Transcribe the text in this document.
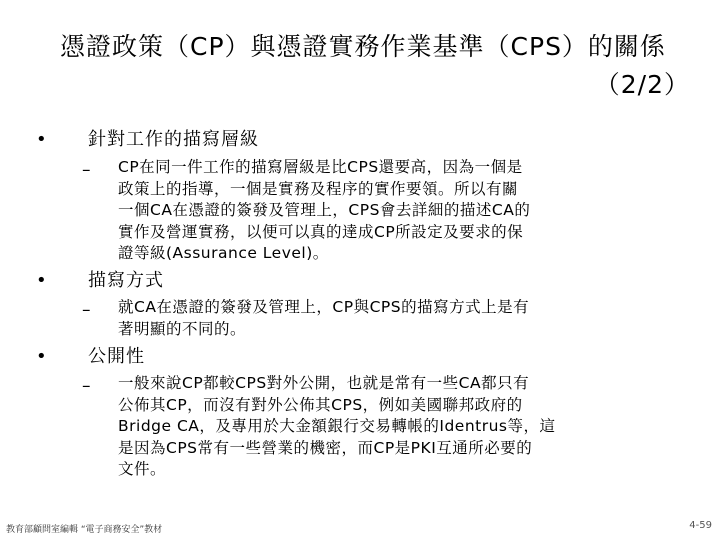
憑證政策（CP）與憑證實務作業基準（CPS）的關係
（2/2）
• 針對工作的描寫層級
– CP在同一件工作的描寫層級是比CPS還要高，因為一個是
政策上的指導，一個是實務及程序的實作要領。所以有關
一個CA在憑證的簽發及管理上，CPS會去詳細的描述CA的
實作及營運實務，以便可以真的達成CP所設定及要求的保
證等級(Assurance Level)。
• 描寫方式
– 就CA在憑證的簽發及管理上，CP與CPS的描寫方式上是有
著明顯的不同的。
• 公開性
– 一般來說CP都較CPS對外公開，也就是常有一些CA都只有
公佈其CP，而沒有對外公佈其CPS，例如美國聯邦政府的
Bridge CA，及專用於大金額銀行交易轉帳的Identrus等，這
是因為CPS常有一些營業的機密，而CP是PKI互通所必要的
文件。
教育部顧問室編輯 “電子商務安全”教材	4-59
